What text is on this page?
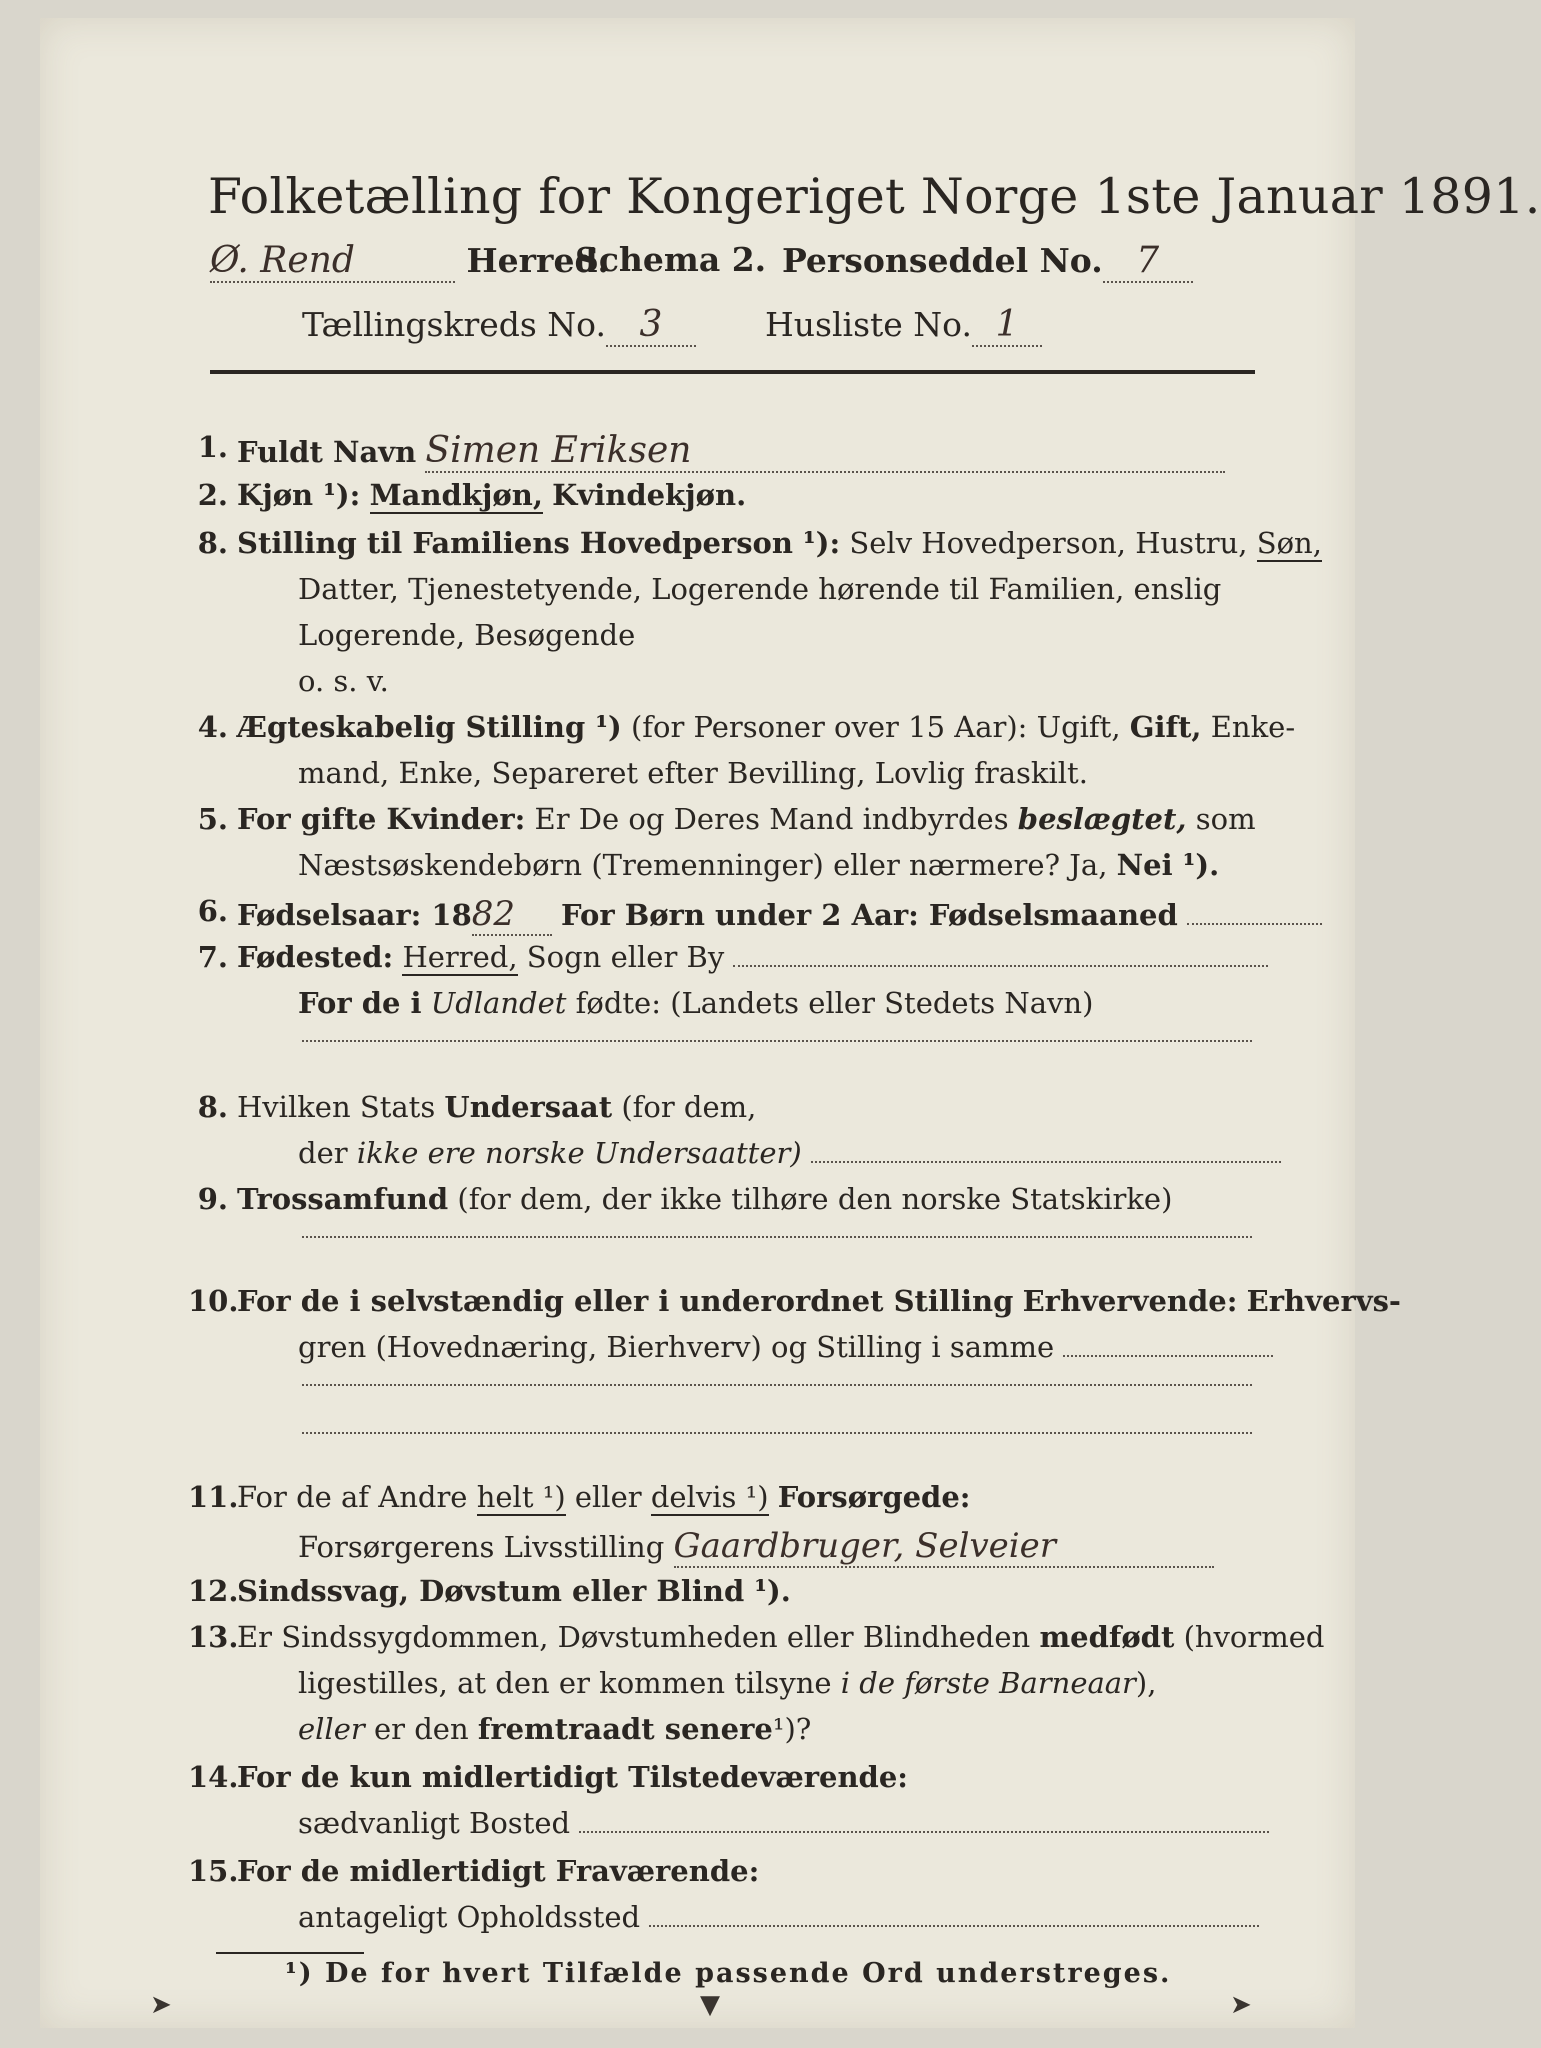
Folketælling for Kongeriget Norge 1ste Januar 1891.
Ø. Rend	Herred.
Schema 2. Personseddel No. 7
Tællingskreds No. 3	Husliste No. 1
1. Fuldt Navn Simen Eriksen
2. Kjøn ¹): Mandkjøn, Kvindekjøn.
8. Stilling til Familiens Hovedperson ¹): Selv Hovedperson, Hustru, Søn,
Datter, Tjenestetyende, Logerende hørende til Familien, enslig
Logerende, Besøgende
o. s. v.
4. Ægteskabelig Stilling ¹) (for Personer over 15 Aar): Ugift, Gift, Enke-
mand, Enke, Separeret efter Bevilling, Lovlig fraskilt.
5. For gifte Kvinder: Er De og Deres Mand indbyrdes beslægtet, som
Næstsøskendebørn (Tremenninger) eller nærmere? Ja, Nei ¹).
6. Fødselsaar: 1882 For Børn under 2 Aar: Fødselsmaaned
7. Fødested: Herred, Sogn eller By
For de i Udlandet fødte: (Landets eller Stedets Navn)
8. Hvilken Stats Undersaat (for dem,
der ikke ere norske Undersaatter)
9. Trossamfund (for dem, der ikke tilhøre den norske Statskirke)
10.
For de i selvstændig eller i underordnet Stilling Erhvervende: Erhvervs-
gren (Hovednæring, Bierhverv) og Stilling i samme
11.
For de af Andre helt ¹) eller delvis ¹) Forsørgede:
Forsørgerens Livsstilling Gaardbruger, Selveier
12.
Sindssvag, Døvstum eller Blind ¹).
13.
Er Sindssygdommen, Døvstumheden eller Blindheden medfødt (hvormed
ligestilles, at den er kommen tilsyne i de første Barneaar),
eller er den fremtraadt senere¹)?
14.
For de kun midlertidigt Tilstedeværende:
sædvanligt Bosted
15.
For de midlertidigt Fraværende:
antageligt Opholdssted
¹) De for hvert Tilfælde passende Ord understreges.
➤	▼	➤
